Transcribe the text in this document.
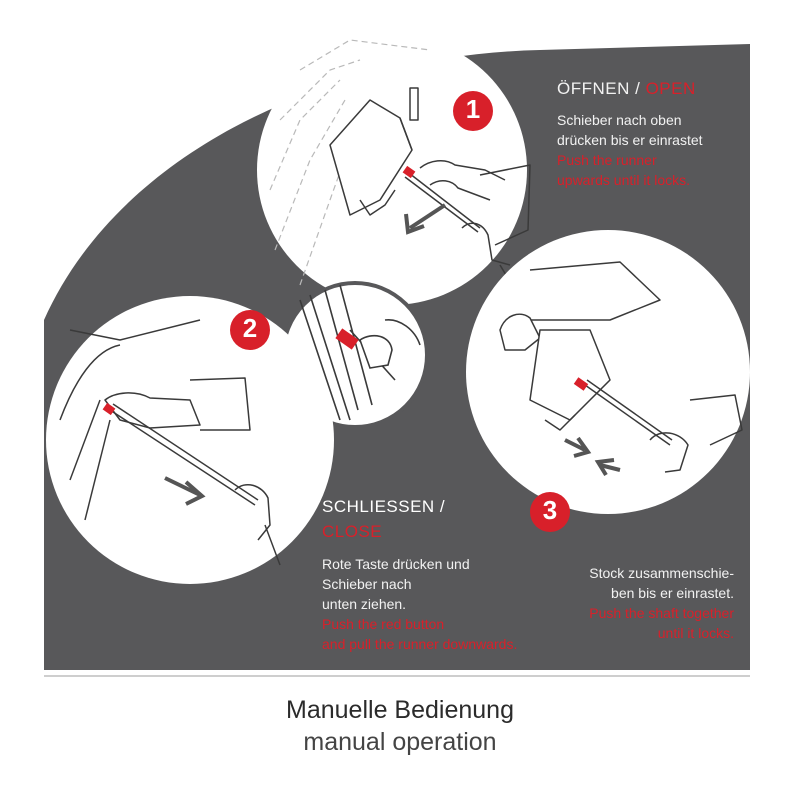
1
2
3
ÖFFNEN / OPEN
Schieber nach oben
drücken bis er einrastet
Push the runner
upwards until it locks.
SCHLIESSEN /
CLOSE
Rote Taste drücken und
Schieber nach
unten ziehen.
Push the red button
and pull the runner downwards.
Stock zusammenschie-
ben bis er einrastet.
Push the shaft together
until it locks.
Manuelle Bedienung
manual operation
